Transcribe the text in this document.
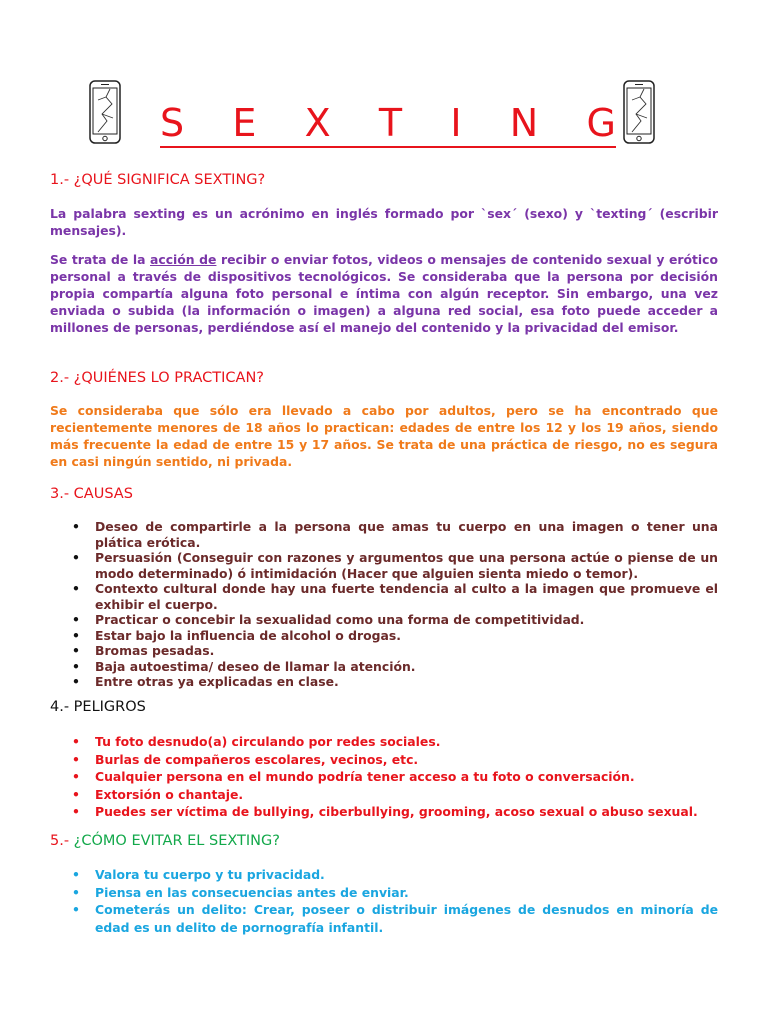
S E X T I N G
1.- ¿QUÉ SIGNIFICA SEXTING?

La palabra sexting es un acrónimo en inglés formado por `sex´ (sexo) y `texting´ (escribir mensajes).

Se trata de la acción de recibir o enviar fotos, videos o mensajes de contenido sexual y erótico personal a través de dispositivos tecnológicos. Se consideraba que la persona por decisión propia compartía alguna foto personal e íntima con algún receptor. Sin embargo, una vez enviada o subida (la información o imagen) a alguna red social, esa foto puede acceder a millones de personas, perdiéndose así el manejo del contenido y la privacidad del emisor.

2.- ¿QUIÉNES LO PRACTICAN?

Se consideraba que sólo era llevado a cabo por adultos, pero se ha encontrado que recientemente menores de 18 años lo practican: edades de entre los 12 y los 19 años, siendo más frecuente la edad de entre 15 y 17 años. Se trata de una práctica de riesgo, no es segura en casi ningún sentido, ni privada.

3.- CAUSAS
• Deseo de compartirle a la persona que amas tu cuerpo en una imagen o tener una plática erótica.
• Persuasión (Conseguir con razones y argumentos que una persona actúe o piense de un modo determinado) ó intimidación (Hacer que alguien sienta miedo o temor).
• Contexto cultural donde hay una fuerte tendencia al culto a la imagen que promueve el exhibir el cuerpo.
• Practicar o concebir la sexualidad como una forma de competitividad.
• Estar bajo la influencia de alcohol o drogas.
• Bromas pesadas.
• Baja autoestima/ deseo de llamar la atención.
• Entre otras ya explicadas en clase.
4.- PELIGROS
• Tu foto desnudo(a) circulando por redes sociales.
• Burlas de compañeros escolares, vecinos, etc.
• Cualquier persona en el mundo podría tener acceso a tu foto o conversación.
• Extorsión o chantaje.
• Puedes ser víctima de bullying, ciberbullying, grooming, acoso sexual o abuso sexual.
5.- ¿CÓMO EVITAR EL SEXTING?
• Valora tu cuerpo y tu privacidad.
• Piensa en las consecuencias antes de enviar.
• Cometerás un delito: Crear, poseer o distribuir imágenes de desnudos en minoría de edad es un delito de pornografía infantil.
